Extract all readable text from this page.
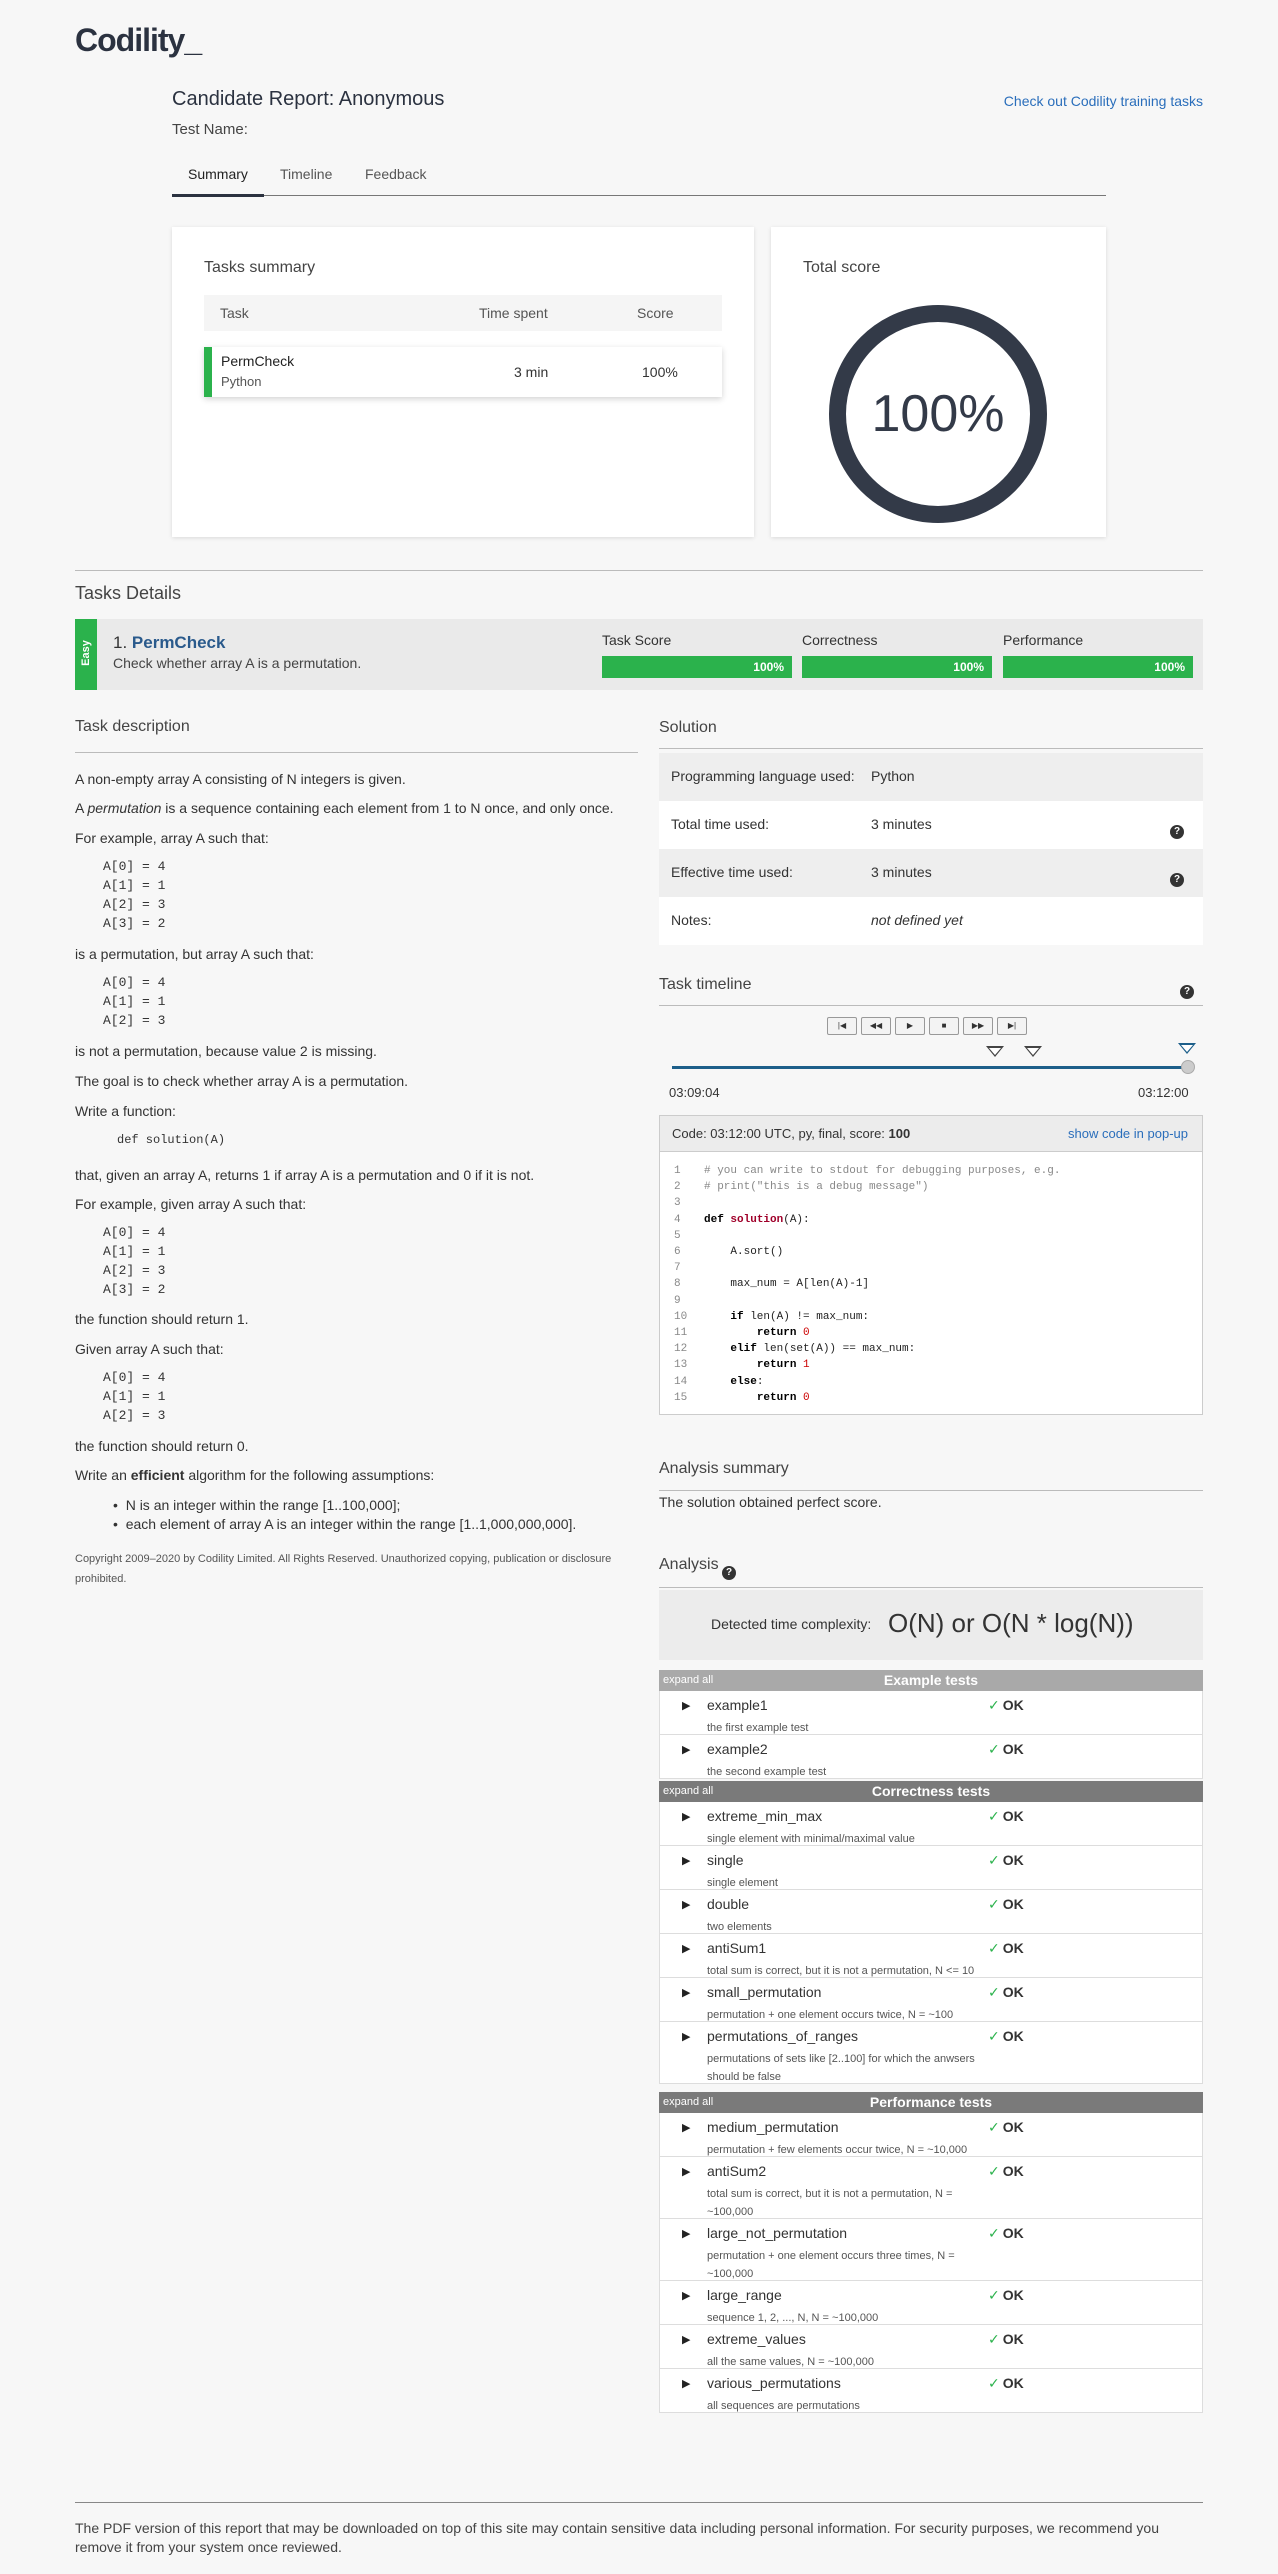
Codility_
Candidate Report: Anonymous
Test Name:
Check out Codility training tasks
Summary Timeline Feedback
Tasks summary
Task	Time spent	Score
PermCheck
Python
3 min	100%
Total score
100%
Tasks Details
Easy 1. PermCheck
Check whether array A is a permutation.
Task Score
100%
Correctness
100%
Performance
100%
Task description

A non-empty array A consisting of N integers is given.

A permutation is a sequence containing each element from 1 to N once, and only once.

For example, array A such that:

A[0] = 4
A[1] = 1
A[2] = 3
A[3] = 2

is a permutation, but array A such that:

A[0] = 4
A[1] = 1
A[2] = 3

is not a permutation, because value 2 is missing.

The goal is to check whether array A is a permutation.

Write a function:

def solution(A)

that, given an array A, returns 1 if array A is a permutation and 0 if it is not.

For example, given array A such that:

A[0] = 4
A[1] = 1
A[2] = 3
A[3] = 2

the function should return 1.

Given array A such that:

A[0] = 4
A[1] = 1
A[2] = 3

the function should return 0.

Write an efficient algorithm for the following assumptions:

•  N is an integer within the range [1..100,000];

•  each element of array A is an integer within the range [1..1,000,000,000].

Copyright 2009–2020 by Codility Limited. All Rights Reserved. Unauthorized copying, publication or disclosure

prohibited.

Solution
Programming language used: Python
Total time used:	3 minutes	?
Effective time used:	3 minutes	?
Notes:	not defined yet
Task timeline	?
|◀	◀◀	▶	■	▶▶	▶|
03:09:04	03:12:00
Code: 03:12:00 UTC, py, final, score: 100	show code in pop-up
1 # you can write to stdout for debugging purposes, e.g.
2 # print("this is a debug message")
3
4 def solution(A):
5
6 A.sort()
7
8 max_num = A[len(A)-1]
9
10	if len(A) != max_num:
11	return 0
12	elif len(set(A)) == max_num:
13	return 1
14	else:
15	return 0
Analysis summary
The solution obtained perfect score.
Analysis ?
Detected time complexity: O(N) or O(N * log(N))
expand all	Example tests
▶ example1
the first example test
✓ OK
▶ example2
the second example test
✓ OK
expand all	Correctness tests
▶ extreme_min_max
single element with minimal/maximal value
✓ OK
▶ single
single element
✓ OK
▶ double
two elements
✓ OK
▶ antiSum1
total sum is correct, but it is not a permutation, N <= 10
✓ OK
▶ small_permutation
permutation + one element occurs twice, N = ~100
✓ OK
▶ permutations_of_ranges
permutations of sets like [2..100] for which the anwsers should be false
✓ OK
expand all	Performance tests
▶ medium_permutation
permutation + few elements occur twice, N = ~10,000
✓ OK
▶ antiSum2
total sum is correct, but it is not a permutation, N = ~100,000
✓ OK
▶ large_not_permutation
permutation + one element occurs three times, N = ~100,000
✓ OK
▶ large_range
sequence 1, 2, ..., N, N = ~100,000
✓ OK
▶ extreme_values
all the same values, N = ~100,000
✓ OK
▶ various_permutations
all sequences are permutations
✓ OK
The PDF version of this report that may be downloaded on top of this site may contain sensitive data including personal information. For security purposes, we recommend you
remove it from your system once reviewed.
